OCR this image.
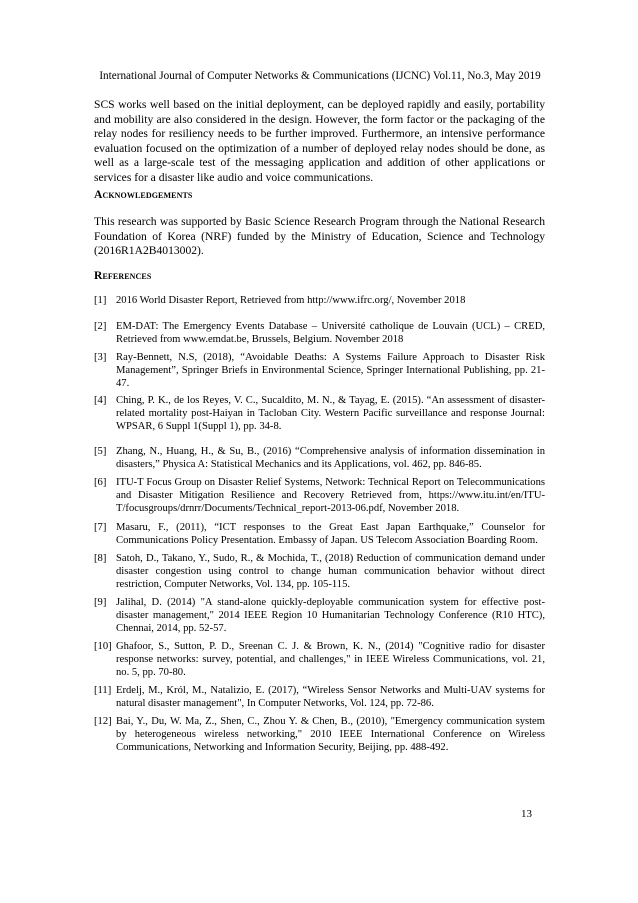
International Journal of Computer Networks & Communications (IJCNC) Vol.11, No.3, May 2019

SCS works well based on the initial deployment, can be deployed rapidly and easily, portability and mobility are also considered in the design. However, the form factor or the packaging of the relay nodes for resiliency needs to be further improved. Furthermore, an intensive performance evaluation focused on the optimization of a number of deployed relay nodes should be done, as well as a large-scale test of the messaging application and addition of other applications or services for a disaster like audio and voice communications.

Acknowledgements

This research was supported by Basic Science Research Program through the National Research Foundation of Korea (NRF) funded by the Ministry of Education, Science and Technology (2016R1A2B4013002).

References
[1] 2016 World Disaster Report, Retrieved from http://www.ifrc.org/, November 2018
[2] EM-DAT: The Emergency Events Database – Université catholique de Louvain (UCL) – CRED, Retrieved from www.emdat.be, Brussels, Belgium. November 2018
[3] Ray-Bennett, N.S, (2018), “Avoidable Deaths: A Systems Failure Approach to Disaster Risk Management”, Springer Briefs in Environmental Science, Springer International Publishing, pp. 21-47.
[4] Ching, P. K., de los Reyes, V. C., Sucaldito, M. N., & Tayag, E. (2015). “An assessment of disaster-related mortality post-Haiyan in Tacloban City. Western Pacific surveillance and response Journal: WPSAR, 6 Suppl 1(Suppl 1), pp. 34-8.
[5] Zhang, N., Huang, H., & Su, B., (2016) “Comprehensive analysis of information dissemination in disasters,” Physica A: Statistical Mechanics and its Applications, vol. 462, pp. 846-85.
[6] ITU-T Focus Group on Disaster Relief Systems, Network: Technical Report on Telecommunications and Disaster Mitigation Resilience and Recovery Retrieved from, https://www.itu.int/en/ITU-T/focusgroups/drnrr/Documents/Technical_report-2013-06.pdf, November 2018.
[7] Masaru, F., (2011), “ICT responses to the Great East Japan Earthquake,” Counselor for Communications Policy Presentation. Embassy of Japan. US Telecom Association Boarding Room.
[8] Satoh, D., Takano, Y., Sudo, R., & Mochida, T., (2018) Reduction of communication demand under disaster congestion using control to change human communication behavior without direct restriction, Computer Networks, Vol. 134, pp. 105-115.
[9] Jalihal, D. (2014) "A stand-alone quickly-deployable communication system for effective post-disaster management," 2014 IEEE Region 10 Humanitarian Technology Conference (R10 HTC), Chennai, 2014, pp. 52-57.
[10] Ghafoor, S., Sutton, P. D., Sreenan C. J. & Brown, K. N., (2014) "Cognitive radio for disaster response networks: survey, potential, and challenges," in IEEE Wireless Communications, vol. 21, no. 5, pp. 70-80.
[11] Erdelj, M., Król, M., Natalizio, E. (2017), “Wireless Sensor Networks and Multi-UAV systems for natural disaster management", In Computer Networks, Vol. 124, pp. 72-86.
[12] Bai, Y., Du, W. Ma, Z., Shen, C., Zhou Y. & Chen, B., (2010), "Emergency communication system by heterogeneous wireless networking," 2010 IEEE International Conference on Wireless Communications, Networking and Information Security, Beijing, pp. 488-492.
13
